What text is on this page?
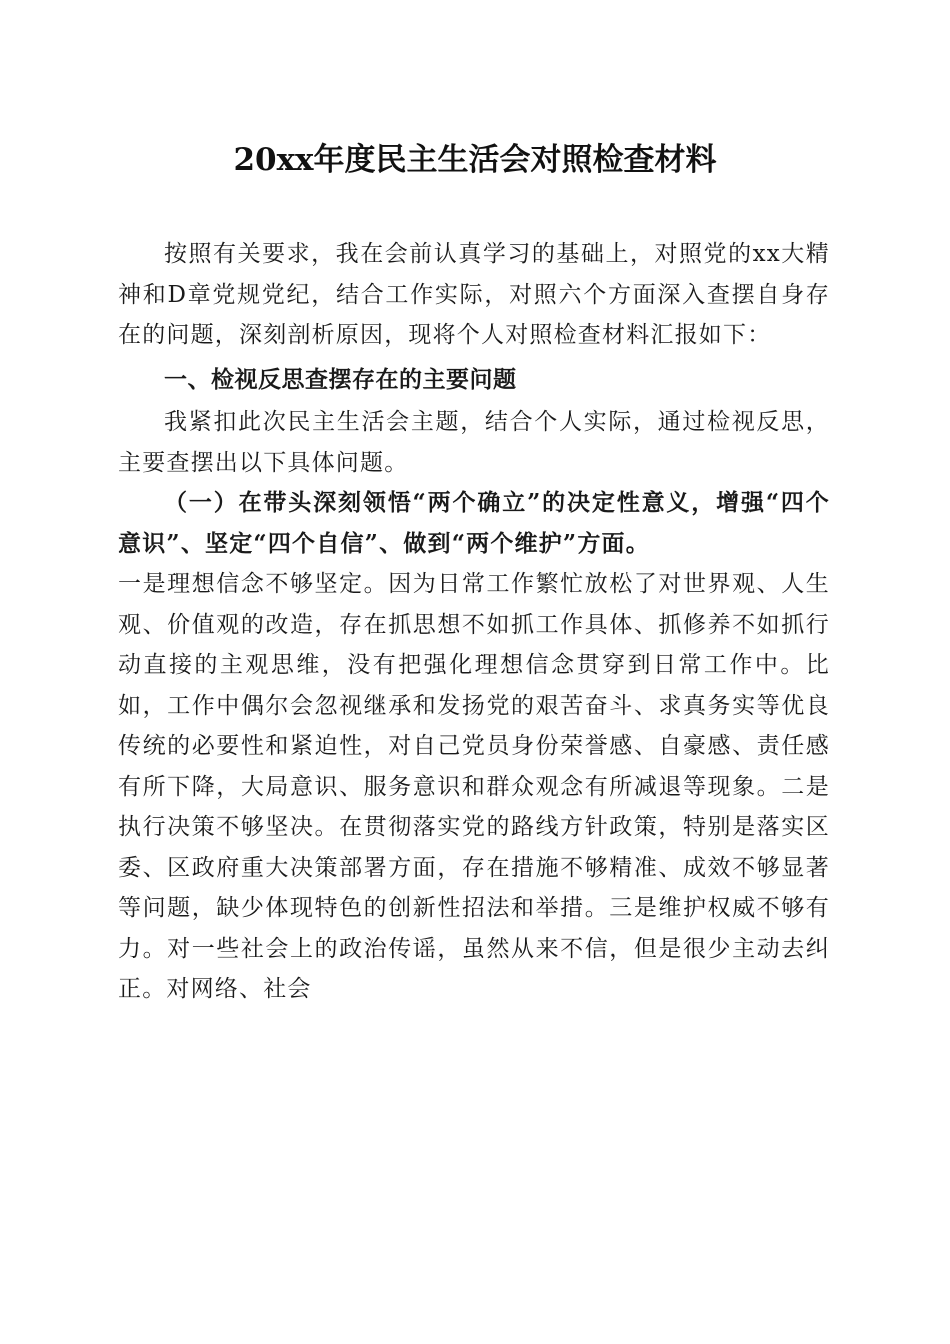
20xx年度民主生活会对照检查材料

按照有关要求，我在会前认真学习的基础上，对照党的xx大精神和D章党规党纪，结合工作实际，对照六个方面深入查摆自身存在的问题，深刻剖析原因，现将个人对照检查材料汇报如下：

一、检视反思查摆存在的主要问题

我紧扣此次民主生活会主题，结合个人实际，通过检视反思，主要查摆出以下具体问题。

（一）在带头深刻领悟“两个确立”的决定性意义，增强“四个意识”、坚定“四个自信”、做到“两个维护”方面。

一是理想信念不够坚定。因为日常工作繁忙放松了对世界观、人生观、价值观的改造，存在抓思想不如抓工作具体、抓修养不如抓行动直接的主观思维，没有把强化理想信念贯穿到日常工作中。比如，工作中偶尔会忽视继承和发扬党的艰苦奋斗、求真务实等优良传统的必要性和紧迫性，对自己党员身份荣誉感、自豪感、责任感有所下降，大局意识、服务意识和群众观念有所减退等现象。二是执行决策不够坚决。在贯彻落实党的路线方针政策，特别是落实区委、区政府重大决策部署方面，存在措施不够精准、成效不够显著等问题，缺少体现特色的创新性招法和举措。三是维护权威不够有力。对一些社会上的政治传谣，虽然从来不信，但是很少主动去纠正。对网络、社会
